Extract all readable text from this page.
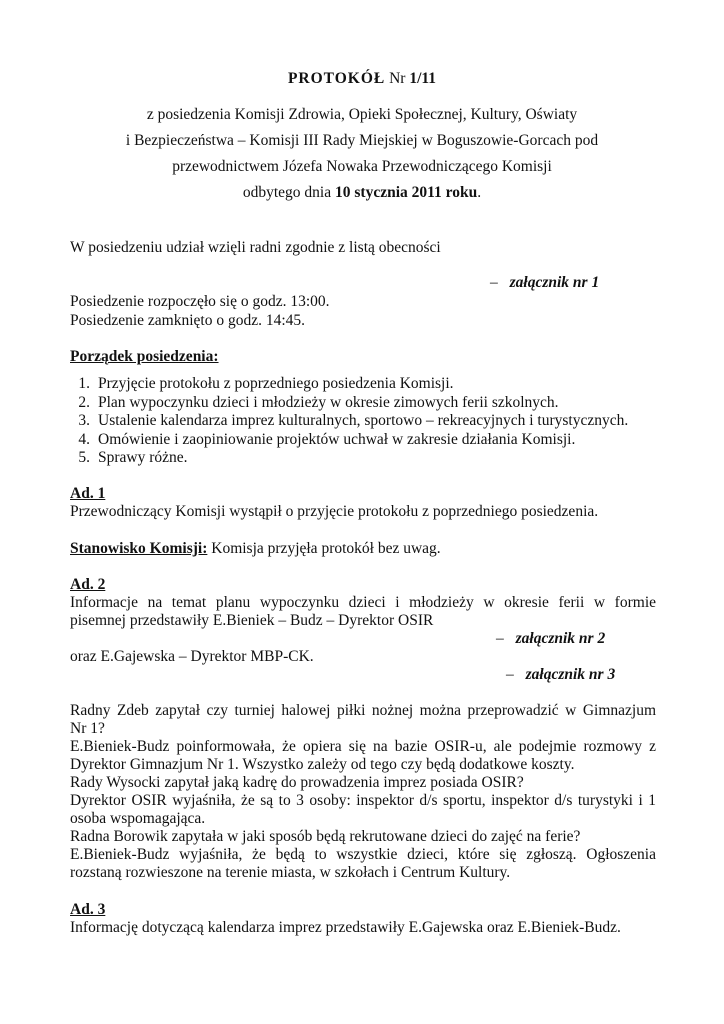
PROTOKÓŁ Nr 1/11
z posiedzenia Komisji Zdrowia, Opieki Społecznej, Kultury, Oświaty
i Bezpieczeństwa – Komisji III Rady Miejskiej w Boguszowie-Gorcach pod
przewodnictwem Józefa Nowaka Przewodniczącego Komisji
odbytego dnia 10 stycznia 2011 roku.
W posiedzeniu udział wzięli radni zgodnie z listą obecności
– załącznik nr 1
Posiedzenie rozpoczęło się o godz. 13:00.
Posiedzenie zamknięto o godz. 14:45.
Porządek posiedzenia:
1. Przyjęcie protokołu z poprzedniego posiedzenia Komisji.
2. Plan wypoczynku dzieci i młodzieży w okresie zimowych ferii szkolnych.
3. Ustalenie kalendarza imprez kulturalnych, sportowo – rekreacyjnych i turystycznych.
4. Omówienie i zaopiniowanie projektów uchwał w zakresie działania Komisji.
5. Sprawy różne.
Ad. 1
Przewodniczący Komisji wystąpił o przyjęcie protokołu z poprzedniego posiedzenia.
Stanowisko Komisji: Komisja przyjęła protokół bez uwag.
Ad. 2
Informacje na temat planu wypoczynku dzieci i młodzieży w okresie ferii w formie
pisemnej przedstawiły E.Bieniek – Budz – Dyrektor OSIR
– załącznik nr 2
oraz E.Gajewska – Dyrektor MBP-CK.
– załącznik nr 3
Radny Zdeb zapytał czy turniej halowej piłki nożnej można przeprowadzić w Gimnazjum
Nr 1?
E.Bieniek-Budz poinformowała, że opiera się na bazie OSIR-u, ale podejmie rozmowy z
Dyrektor Gimnazjum Nr 1. Wszystko zależy od tego czy będą dodatkowe koszty.
Rady Wysocki zapytał jaką kadrę do prowadzenia imprez posiada OSIR?
Dyrektor OSIR wyjaśniła, że są to 3 osoby: inspektor d/s sportu, inspektor d/s turystyki i 1
osoba wspomagająca.
Radna Borowik zapytała w jaki sposób będą rekrutowane dzieci do zajęć na ferie?
E.Bieniek-Budz wyjaśniła, że będą to wszystkie dzieci, które się zgłoszą. Ogłoszenia
rozstaną rozwieszone na terenie miasta, w szkołach i Centrum Kultury.
Ad. 3
Informację dotyczącą kalendarza imprez przedstawiły E.Gajewska oraz E.Bieniek-Budz.
